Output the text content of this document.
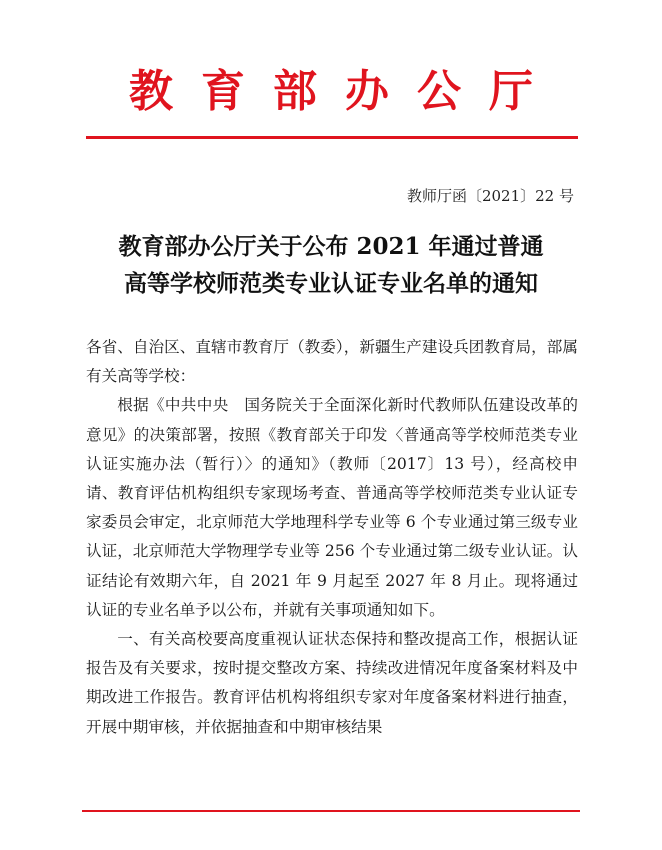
教育部办公厅
教师厅函〔2021〕22 号
教育部办公厅关于公布 2021 年通过普通
高等学校师范类专业认证专业名单的通知

各省、自治区、直辖市教育厅（教委），新疆生产建设兵团教育局，部属有关高等学校：

根据《中共中央　国务院关于全面深化新时代教师队伍建设改革的意见》的决策部署，按照《教育部关于印发〈普通高等学校师范类专业认证实施办法（暂行）〉的通知》（教师〔2017〕13 号），经高校申请、教育评估机构组织专家现场考查、普通高等学校师范类专业认证专家委员会审定，北京师范大学地理科学专业等 6 个专业通过第三级专业认证，北京师范大学物理学专业等 256 个专业通过第二级专业认证。认证结论有效期六年，自 2021 年 9 月起至 2027 年 8 月止。现将通过认证的专业名单予以公布，并就有关事项通知如下。

一、有关高校要高度重视认证状态保持和整改提高工作，根据认证报告及有关要求，按时提交整改方案、持续改进情况年度备案材料及中期改进工作报告。教育评估机构将组织专家对年度备案材料进行抽查，开展中期审核，并依据抽查和中期审核结果
